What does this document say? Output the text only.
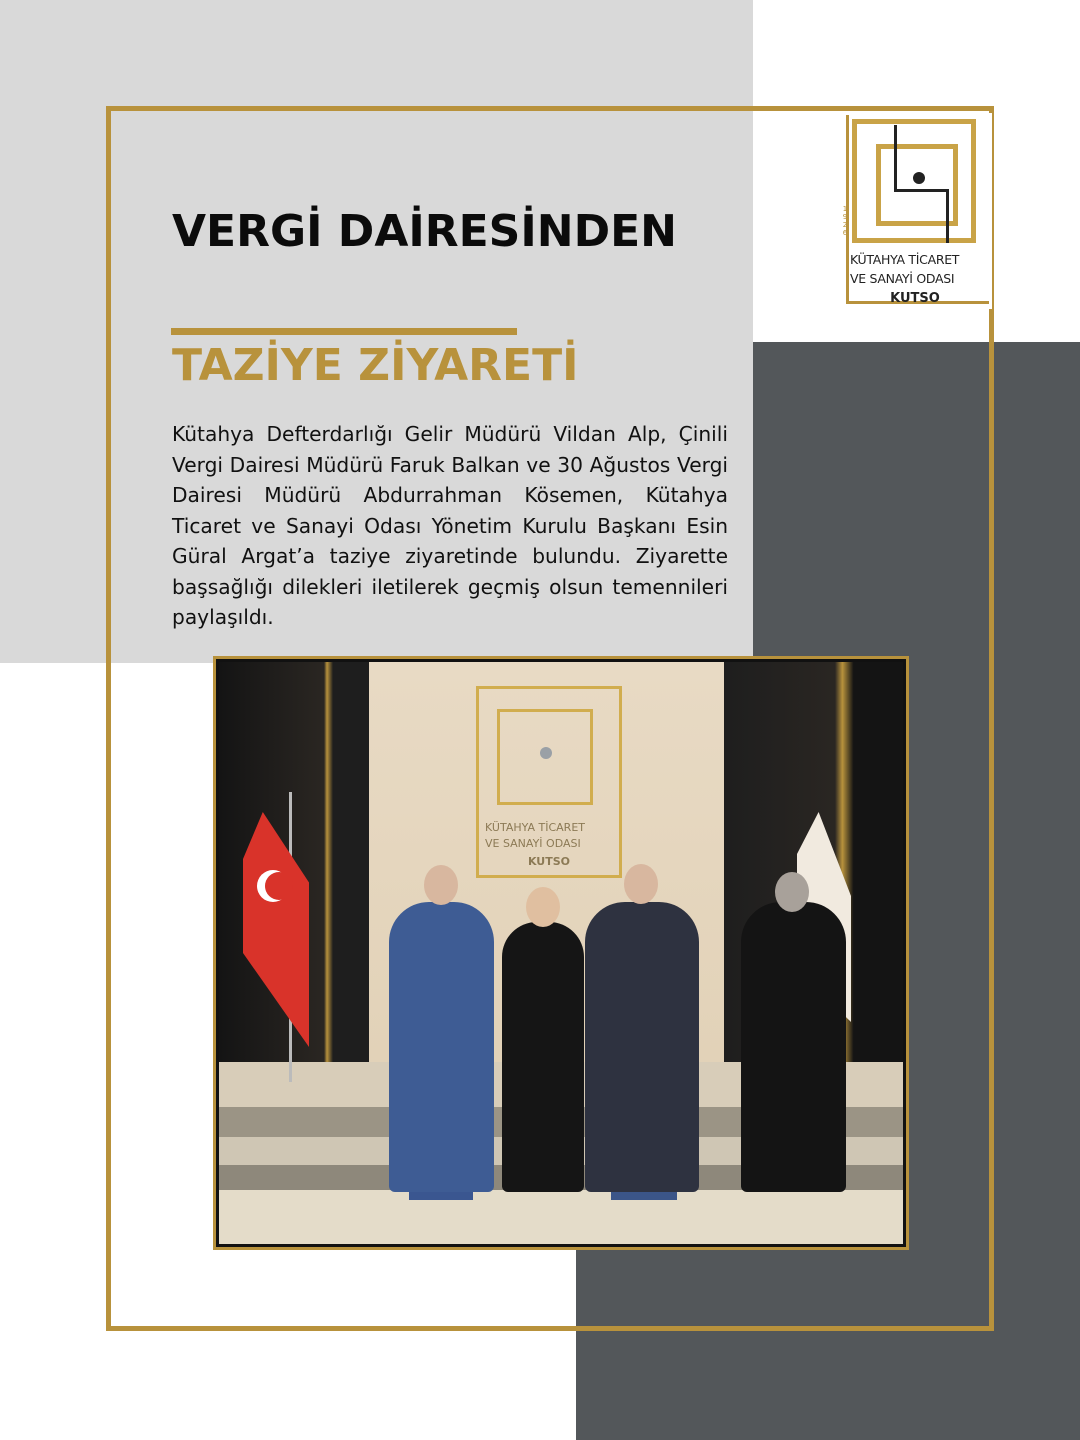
VERGİ DAİRESİNDEN
TAZİYE ZİYARETİ

Kütahya Defterdarlığı Gelir Müdürü Vildan Alp, Çinili Vergi Dairesi Müdürü Faruk Balkan ve 30 Ağustos Vergi Dairesi Müdürü Abdurrahman Kösemen, Kütahya Ticaret ve Sanayi Odası Yönetim Kurulu Başkanı Esin Güral Argat’a taziye ziyaretinde bulundu. Ziyarette başsağlığı dilekleri iletilerek geçmiş olsun temennileri paylaşıldı.

1 9 2 6
KÜTAHYA TİCARET
VE SANAYİ ODASI
KUTSO
KÜTAHYA TİCARET
VE SANAYİ ODASI
KUTSO
